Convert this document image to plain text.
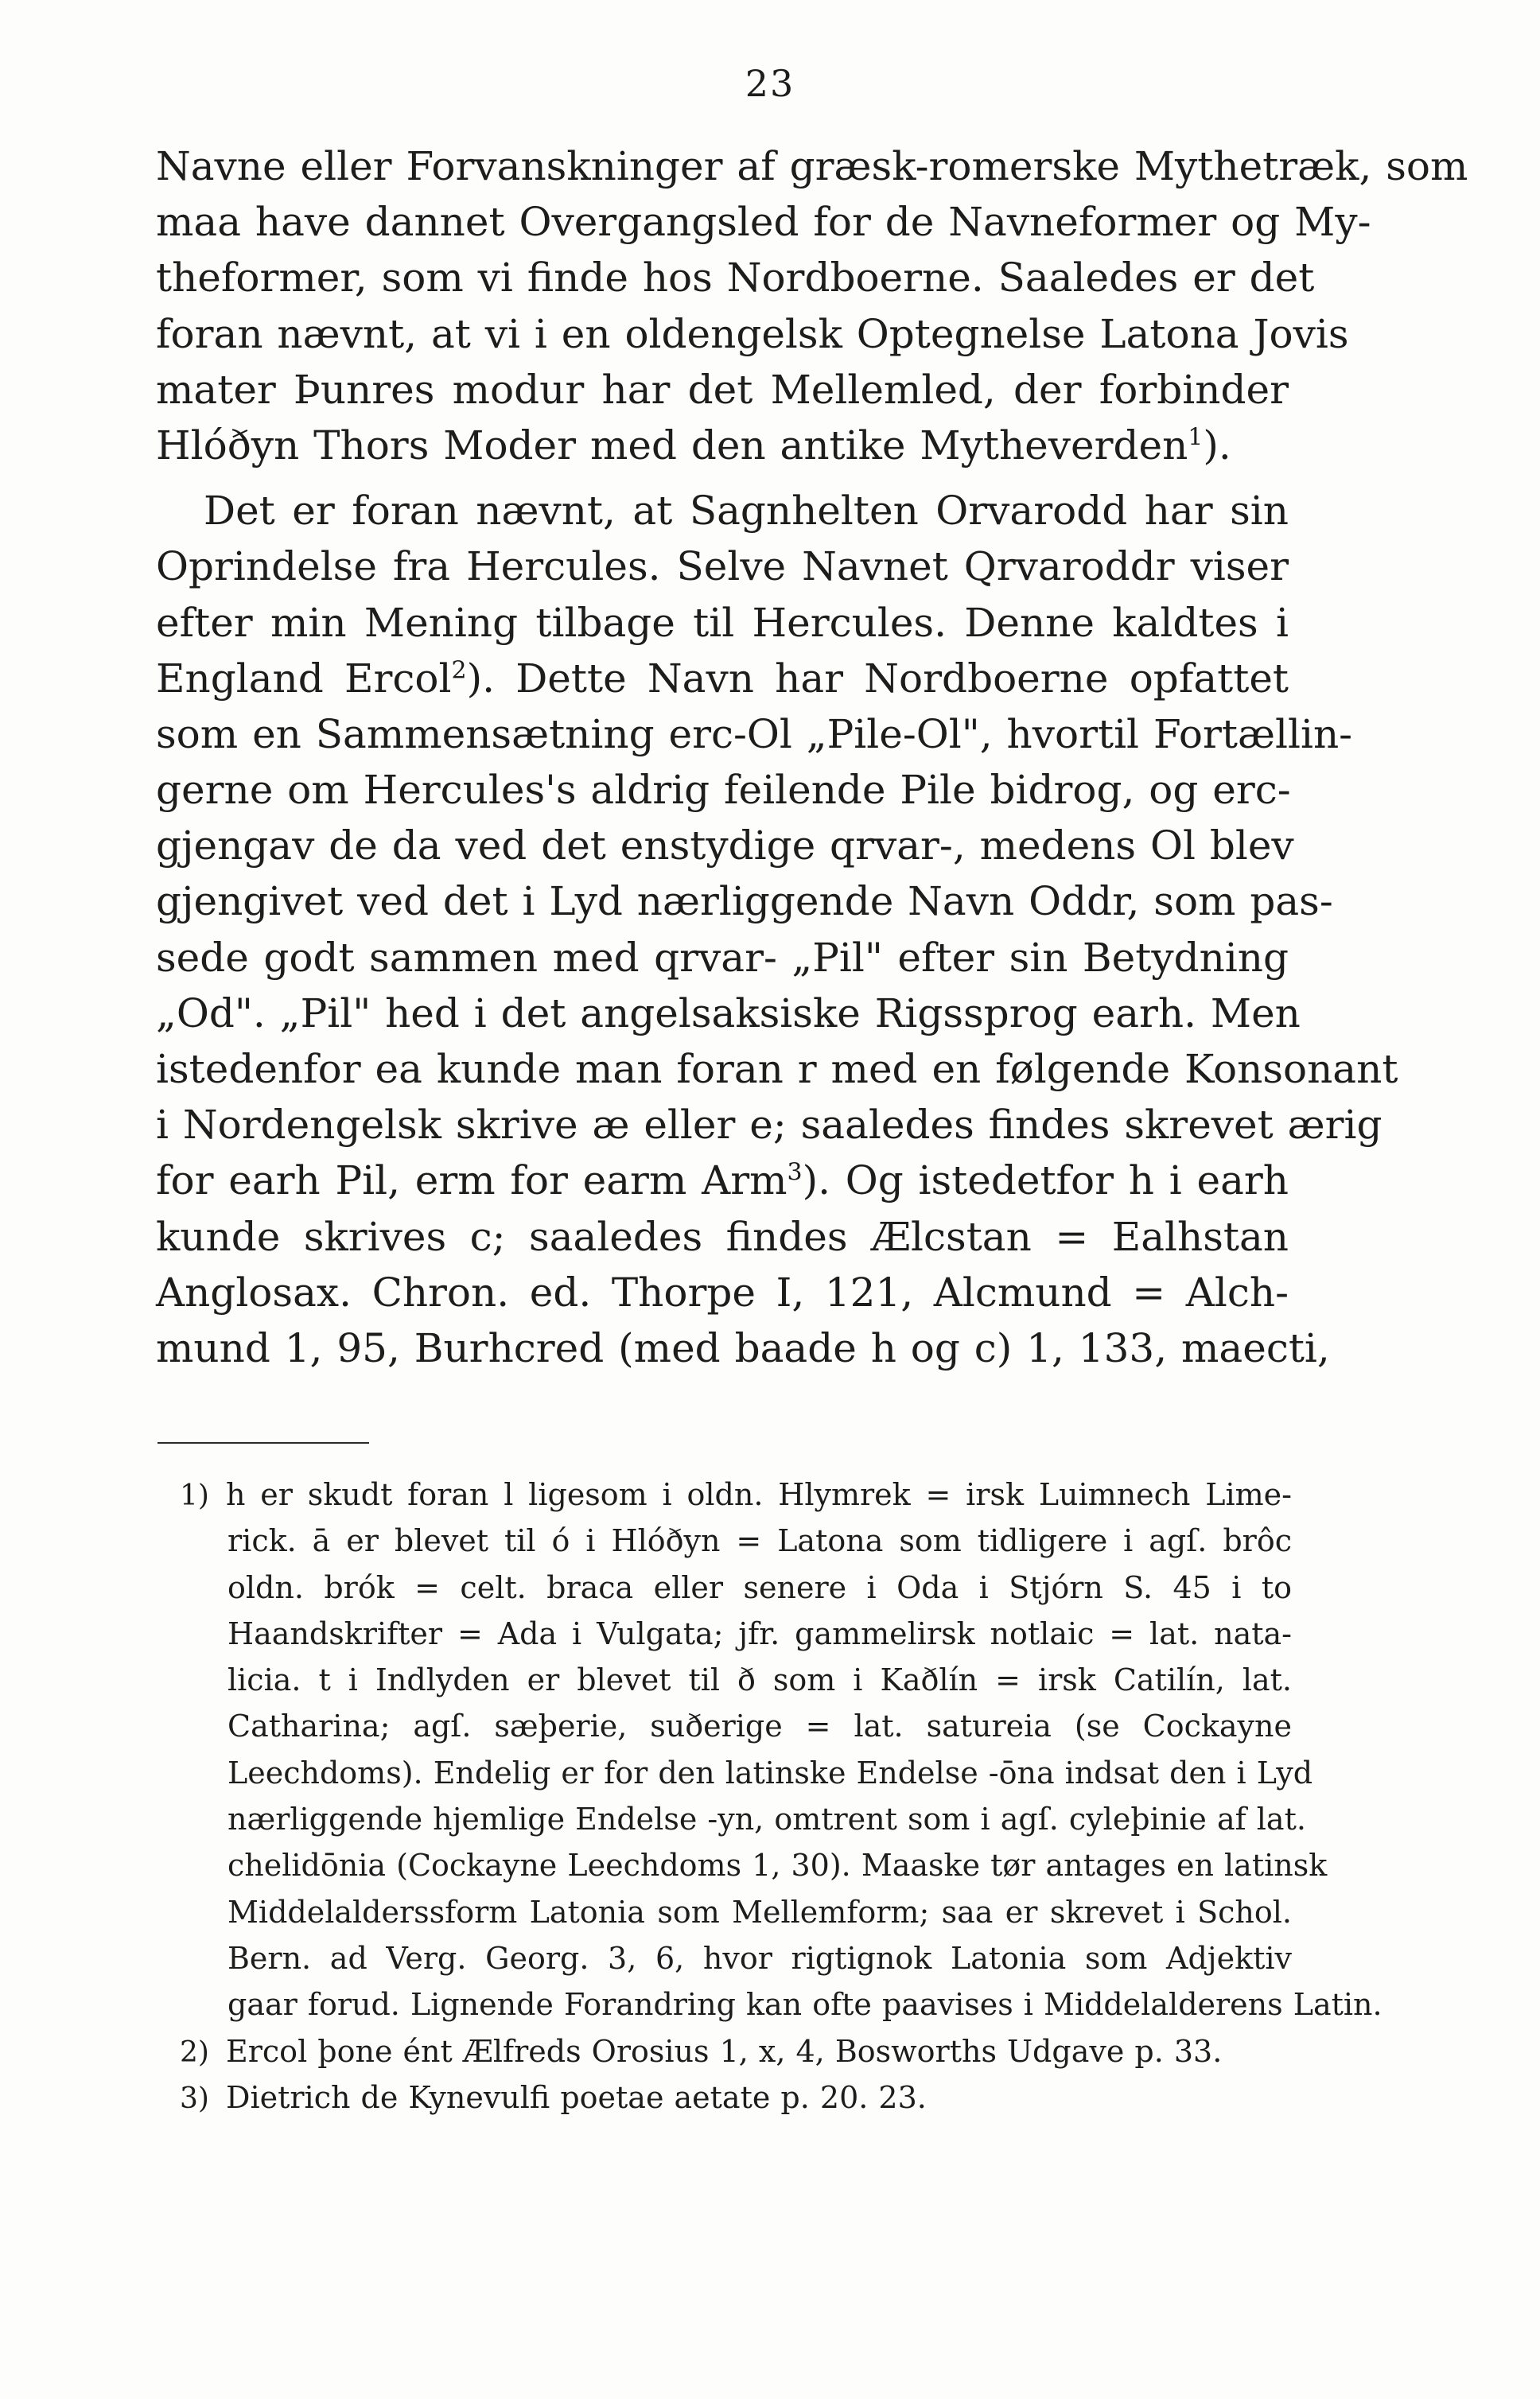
23
Navne eller Forvanskninger af græsk-romerske Mythetræk, som
maa have dannet Overgangsled for de Navneformer og My-
theformer, som vi finde hos Nordboerne. Saaledes er det
foran nævnt, at vi i en oldengelsk Optegnelse Latona Jovis
mater Þunres modur har det Mellemled, der forbinder
Hlóðyn Thors Moder med den antike Mytheverden$^1$).
Det er foran nævnt, at Sagnhelten Orvarodd har sin
Oprindelse fra Hercules. Selve Navnet Qrvaroddr viser
efter min Mening tilbage til Hercules. Denne kaldtes i
England Ercol$^2$). Dette Navn har Nordboerne opfattet
som en Sammensætning erc-Ol „Pile-Ol", hvortil Fortællin-
gerne om Hercules's aldrig feilende Pile bidrog, og erc-
gjengav de da ved det enstydige qrvar-, medens Ol blev
gjengivet ved det i Lyd nærliggende Navn Oddr, som pas-
sede godt sammen med qrvar- „Pil" efter sin Betydning
„Od". „Pil" hed i det angelsaksiske Rigssprog earh. Men
istedenfor ea kunde man foran r med en følgende Konsonant
i Nordengelsk skrive æ eller e; saaledes findes skrevet ærig
for earh Pil, erm for earm Arm$^3$). Og istedetfor h i earh
kunde skrives c; saaledes findes Ælcstan = Ealhstan
Anglosax. Chron. ed. Thorpe I, 121, Alcmund = Alch-
mund 1, 95, Burhcred (med baade h og c) 1, 133, maecti,
1) h er skudt foran l ligesom i oldn. Hlymrek = irsk Luimnech Lime-
rick. ā er blevet til ó i Hlóðyn = Latona som tidligere i agſ. brôc
oldn. brók = celt. braca eller senere i Oda i Stjórn S. 45 i to
Haandskrifter = Ada i Vulgata; jfr. gammelirsk notlaic = lat. nata-
licia. t i Indlyden er blevet til ð som i Kaðlín = irsk Catilín, lat.
Catharina; agſ. sæþerie, suðerige = lat. satureia (se Cockayne
Leechdoms). Endelig er for den latinske Endelse -ōna indsat den i Lyd
nærliggende hjemlige Endelse -yn, omtrent som i agſ. cyleþinie af lat.
chelidōnia (Cockayne Leechdoms 1, 30). Maaske tør antages en latinsk
Middelalderssform Latonia som Mellemform; saa er skrevet i Schol.
Bern. ad Verg. Georg. 3, 6, hvor rigtignok Latonia som Adjektiv
gaar forud. Lignende Forandring kan ofte paavises i Middelalderens Latin.
2) Ercol þone ént Ælfreds Orosius 1, x, 4, Bosworths Udgave p. 33.
3) Dietrich de Kynevulfi poetae aetate p. 20. 23.
